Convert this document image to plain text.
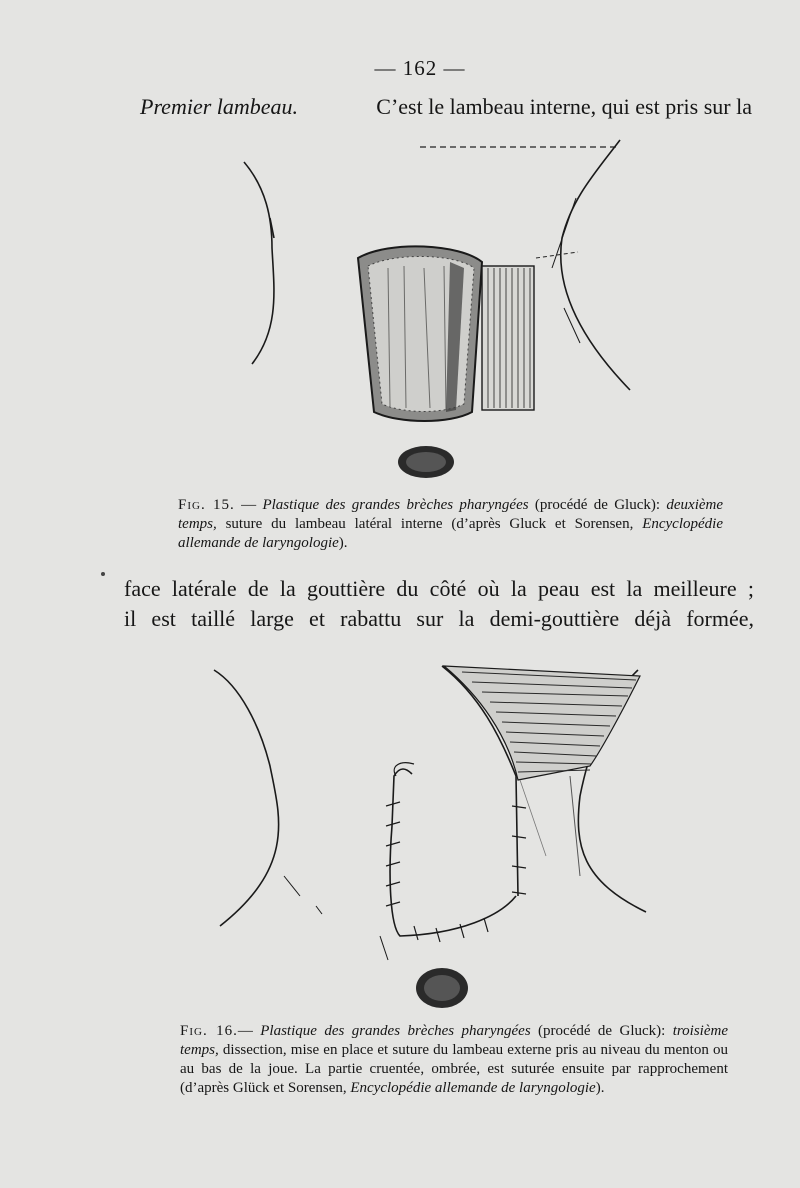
— 162 —
Premier lambeau.	C’est le lambeau interne, qui est pris sur la
Fig. 15. — Plastique des grandes brèches pharyngées (procédé de Gluck): deuxième temps, suture du lambeau latéral interne (d’après Gluck et Sorensen, Encyclopédie allemande de laryngologie).
face latérale de la gouttière du côté où la peau est la meilleure ;
il est taillé large et rabattu sur la demi-gouttière déjà formée,
Fig. 16.— Plastique des grandes brèches pharyngées (procédé de Gluck): troisième temps, dissection, mise en place et suture du lambeau externe pris au niveau du menton ou au bas de la joue. La partie cruentée, ombrée, est suturée ensuite par rapprochement (d’après Glück et Sorensen, Encyclopédie allemande de laryngologie).
